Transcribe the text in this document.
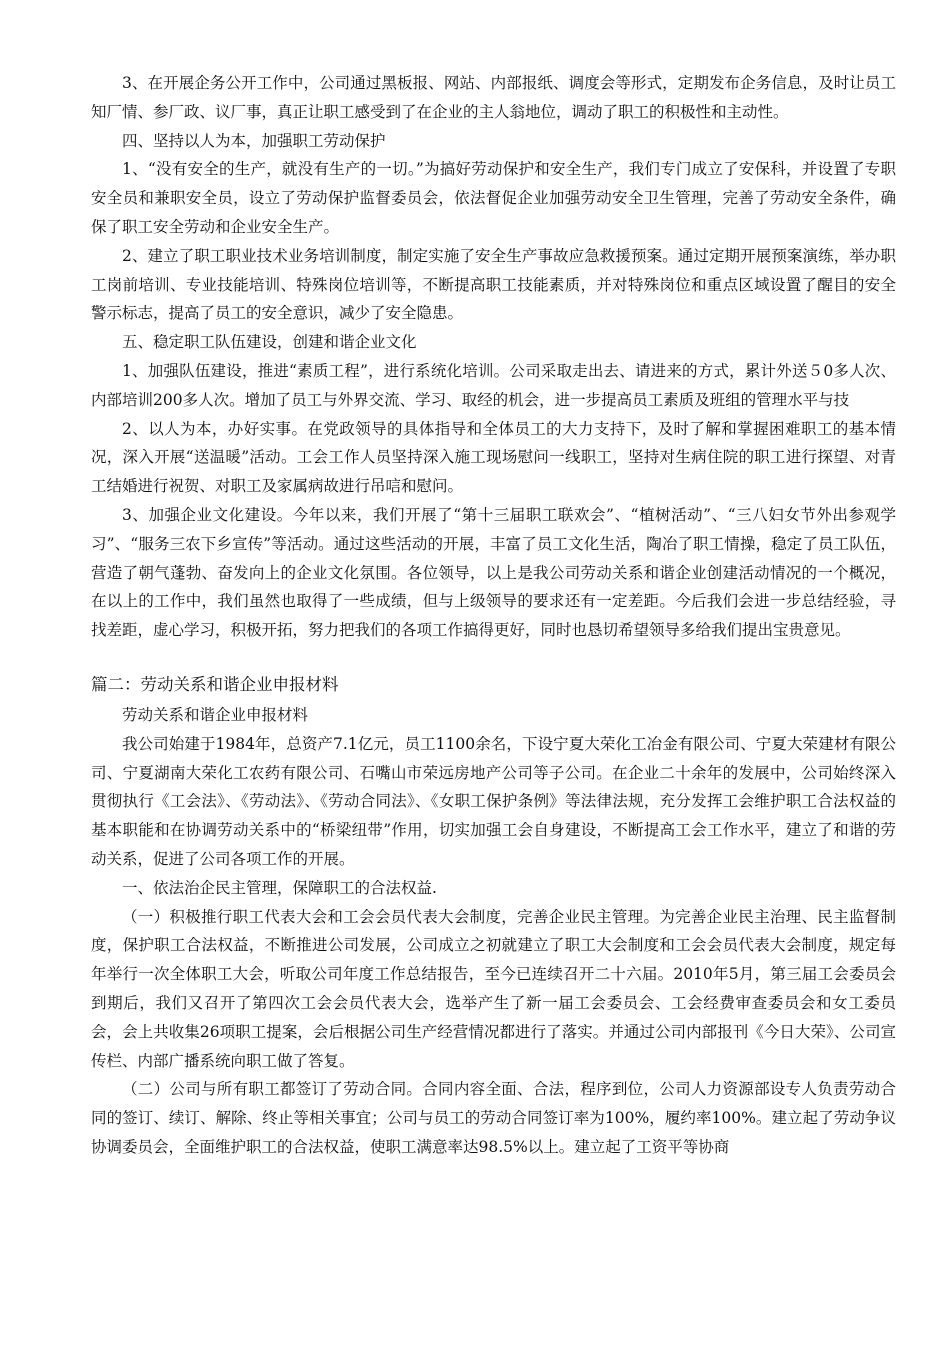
3、在开展企务公开工作中，公司通过黑板报、网站、内部报纸、调度会等形式，定期发布企务信息，及时让员工知厂情、参厂政、议厂事，真正让职工感受到了在企业的主人翁地位，调动了职工的积极性和主动性。

四、坚持以人为本，加强职工劳动保护

1、“没有安全的生产，就没有生产的一切。”为搞好劳动保护和安全生产，我们专门成立了安保科，并设置了专职安全员和兼职安全员，设立了劳动保护监督委员会，依法督促企业加强劳动安全卫生管理，完善了劳动安全条件，确保了职工安全劳动和企业安全生产。

2、建立了职工职业技术业务培训制度，制定实施了安全生产事故应急救援预案。通过定期开展预案演练，举办职工岗前培训、专业技能培训、特殊岗位培训等，不断提高职工技能素质，并对特殊岗位和重点区域设置了醒目的安全警示标志，提高了员工的安全意识，减少了安全隐患。

五、稳定职工队伍建设，创建和谐企业文化

1、加强队伍建设，推进“素质工程”，进行系统化培训。公司采取走出去、请进来的方式，累计外送５0多人次、内部培训200多人次。增加了员工与外界交流、学习、取经的机会，进一步提高员工素质及班组的管理水平与技

2、以人为本，办好实事。在党政领导的具体指导和全体员工的大力支持下，及时了解和掌握困难职工的基本情况，深入开展“送温暖”活动。工会工作人员坚持深入施工现场慰问一线职工，坚持对生病住院的职工进行探望、对青工结婚进行祝贺、对职工及家属病故进行吊唁和慰问。

3、加强企业文化建设。今年以来，我们开展了“第十三届职工联欢会”、“植树活动”、“三八妇女节外出参观学习”、“服务三农下乡宣传”等活动。通过这些活动的开展，丰富了员工文化生活，陶冶了职工情操，稳定了员工队伍，营造了朝气蓬勃、奋发向上的企业文化氛围。各位领导，以上是我公司劳动关系和谐企业创建活动情况的一个概况，在以上的工作中，我们虽然也取得了一些成绩，但与上级领导的要求还有一定差距。今后我们会进一步总结经验，寻找差距，虚心学习，积极开拓，努力把我们的各项工作搞得更好，同时也恳切希望领导多给我们提出宝贵意见。

篇二：劳动关系和谐企业申报材料

劳动关系和谐企业申报材料

我公司始建于1984年，总资产7.1亿元，员工1100余名，下设宁夏大荣化工冶金有限公司、宁夏大荣建材有限公司、宁夏湖南大荣化工农药有限公司、石嘴山市荣远房地产公司等子公司。在企业二十余年的发展中，公司始终深入贯彻执行《工会法》、《劳动法》、《劳动合同法》、《女职工保护条例》等法律法规，充分发挥工会维护职工合法权益的基本职能和在协调劳动关系中的“桥梁纽带”作用，切实加强工会自身建设，不断提高工会工作水平，建立了和谐的劳动关系，促进了公司各项工作的开展。

一、依法治企民主管理，保障职工的合法权益.

（一）积极推行职工代表大会和工会会员代表大会制度，完善企业民主管理。为完善企业民主治理、民主监督制度，保护职工合法权益，不断推进公司发展，公司成立之初就建立了职工大会制度和工会会员代表大会制度，规定每年举行一次全体职工大会，听取公司年度工作总结报告，至今已连续召开二十六届。2010年5月，第三届工会委员会到期后，我们又召开了第四次工会会员代表大会，选举产生了新一届工会委员会、工会经费审查委员会和女工委员会，会上共收集26项职工提案，会后根据公司生产经营情况都进行了落实。并通过公司内部报刊《今日大荣》、公司宣传栏、内部广播系统向职工做了答复。

（二）公司与所有职工都签订了劳动合同。合同内容全面、合法，程序到位，公司人力资源部设专人负责劳动合同的签订、续订、解除、终止等相关事宜；公司与员工的劳动合同签订率为100%，履约率100%。建立起了劳动争议协调委员会，全面维护职工的合法权益，使职工满意率达98.5%以上。建立起了工资平等协商
